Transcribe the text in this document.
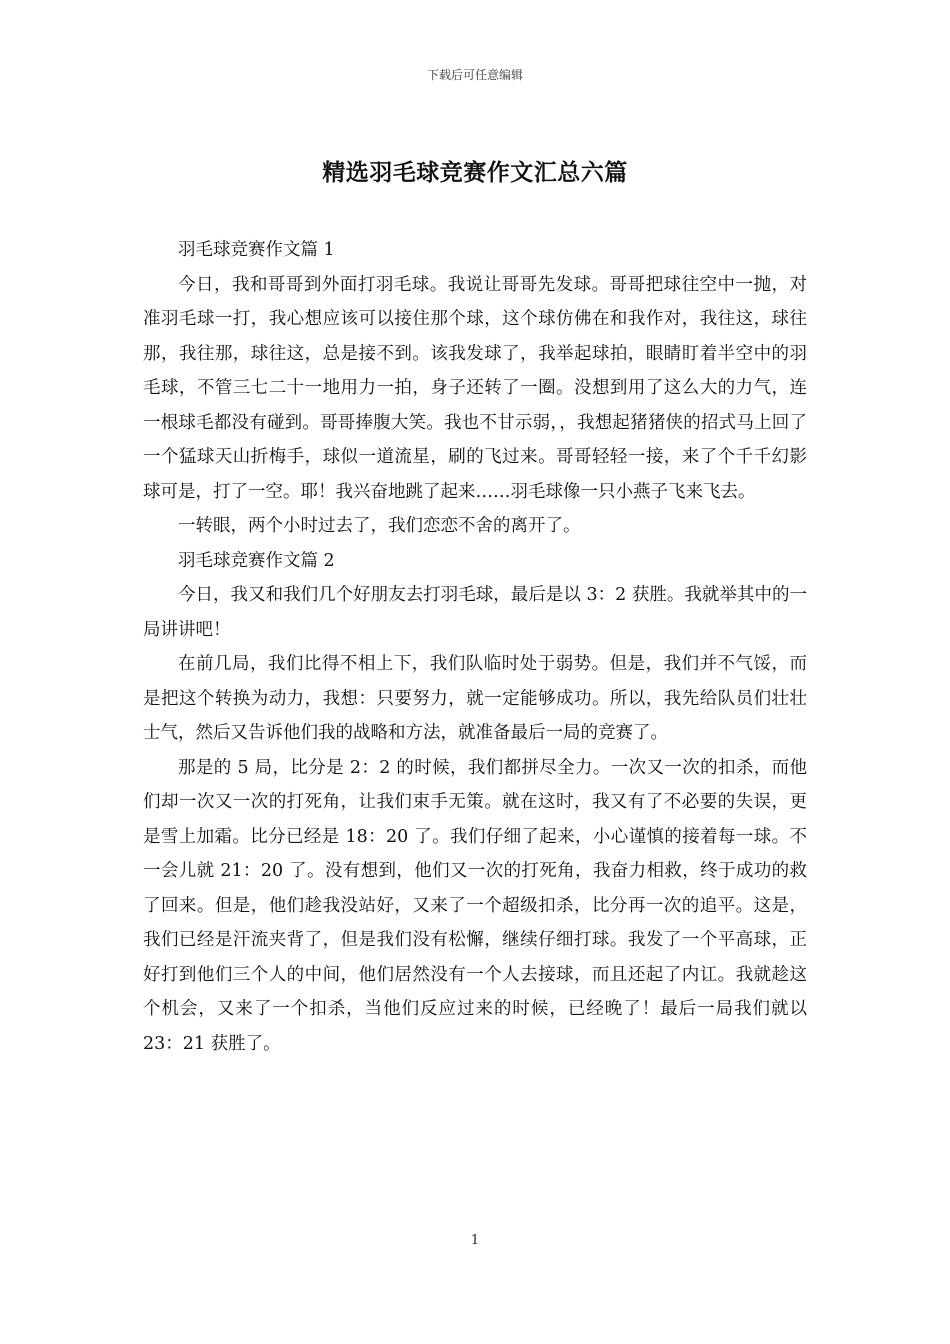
下载后可任意编辑
精选羽毛球竞赛作文汇总六篇

羽毛球竞赛作文篇 1

今日，我和哥哥到外面打羽毛球。我说让哥哥先发球。哥哥把球往空中一抛，对准羽毛球一打，我心想应该可以接住那个球，这个球仿佛在和我作对，我往这，球往那，我往那，球往这，总是接不到。该我发球了，我举起球拍，眼睛盯着半空中的羽毛球，不管三七二十一地用力一拍，身子还转了一圈。没想到用了这么大的力气，连一根球毛都没有碰到。哥哥捧腹大笑。我也不甘示弱，，我想起猪猪侠的招式马上回了一个猛球天山折梅手，球似一道流星，刷的飞过来。哥哥轻轻一接，来了个千千幻影球可是，打了一空。耶！我兴奋地跳了起来……羽毛球像一只小燕子飞来飞去。

一转眼，两个小时过去了，我们恋恋不舍的离开了。

羽毛球竞赛作文篇 2

今日，我又和我们几个好朋友去打羽毛球，最后是以 3：2 获胜。我就举其中的一局讲讲吧！

在前几局，我们比得不相上下，我们队临时处于弱势。但是，我们并不气馁，而是把这个转换为动力，我想：只要努力，就一定能够成功。所以，我先给队员们壮壮士气，然后又告诉他们我的战略和方法，就准备最后一局的竞赛了。

那是的 5 局，比分是 2：2 的时候，我们都拼尽全力。一次又一次的扣杀，而他们却一次又一次的打死角，让我们束手无策。就在这时，我又有了不必要的失误，更是雪上加霜。比分已经是 18：20 了。我们仔细了起来，小心谨慎的接着每一球。不一会儿就 21：20 了。没有想到，他们又一次的打死角，我奋力相救，终于成功的救了回来。但是，他们趁我没站好，又来了一个超级扣杀，比分再一次的追平。这是，我们已经是汗流夹背了，但是我们没有松懈，继续仔细打球。我发了一个平高球，正好打到他们三个人的中间，他们居然没有一个人去接球，而且还起了内讧。我就趁这个机会，又来了一个扣杀，当他们反应过来的时候，已经晚了！最后一局我们就以 23：21 获胜了。

1
